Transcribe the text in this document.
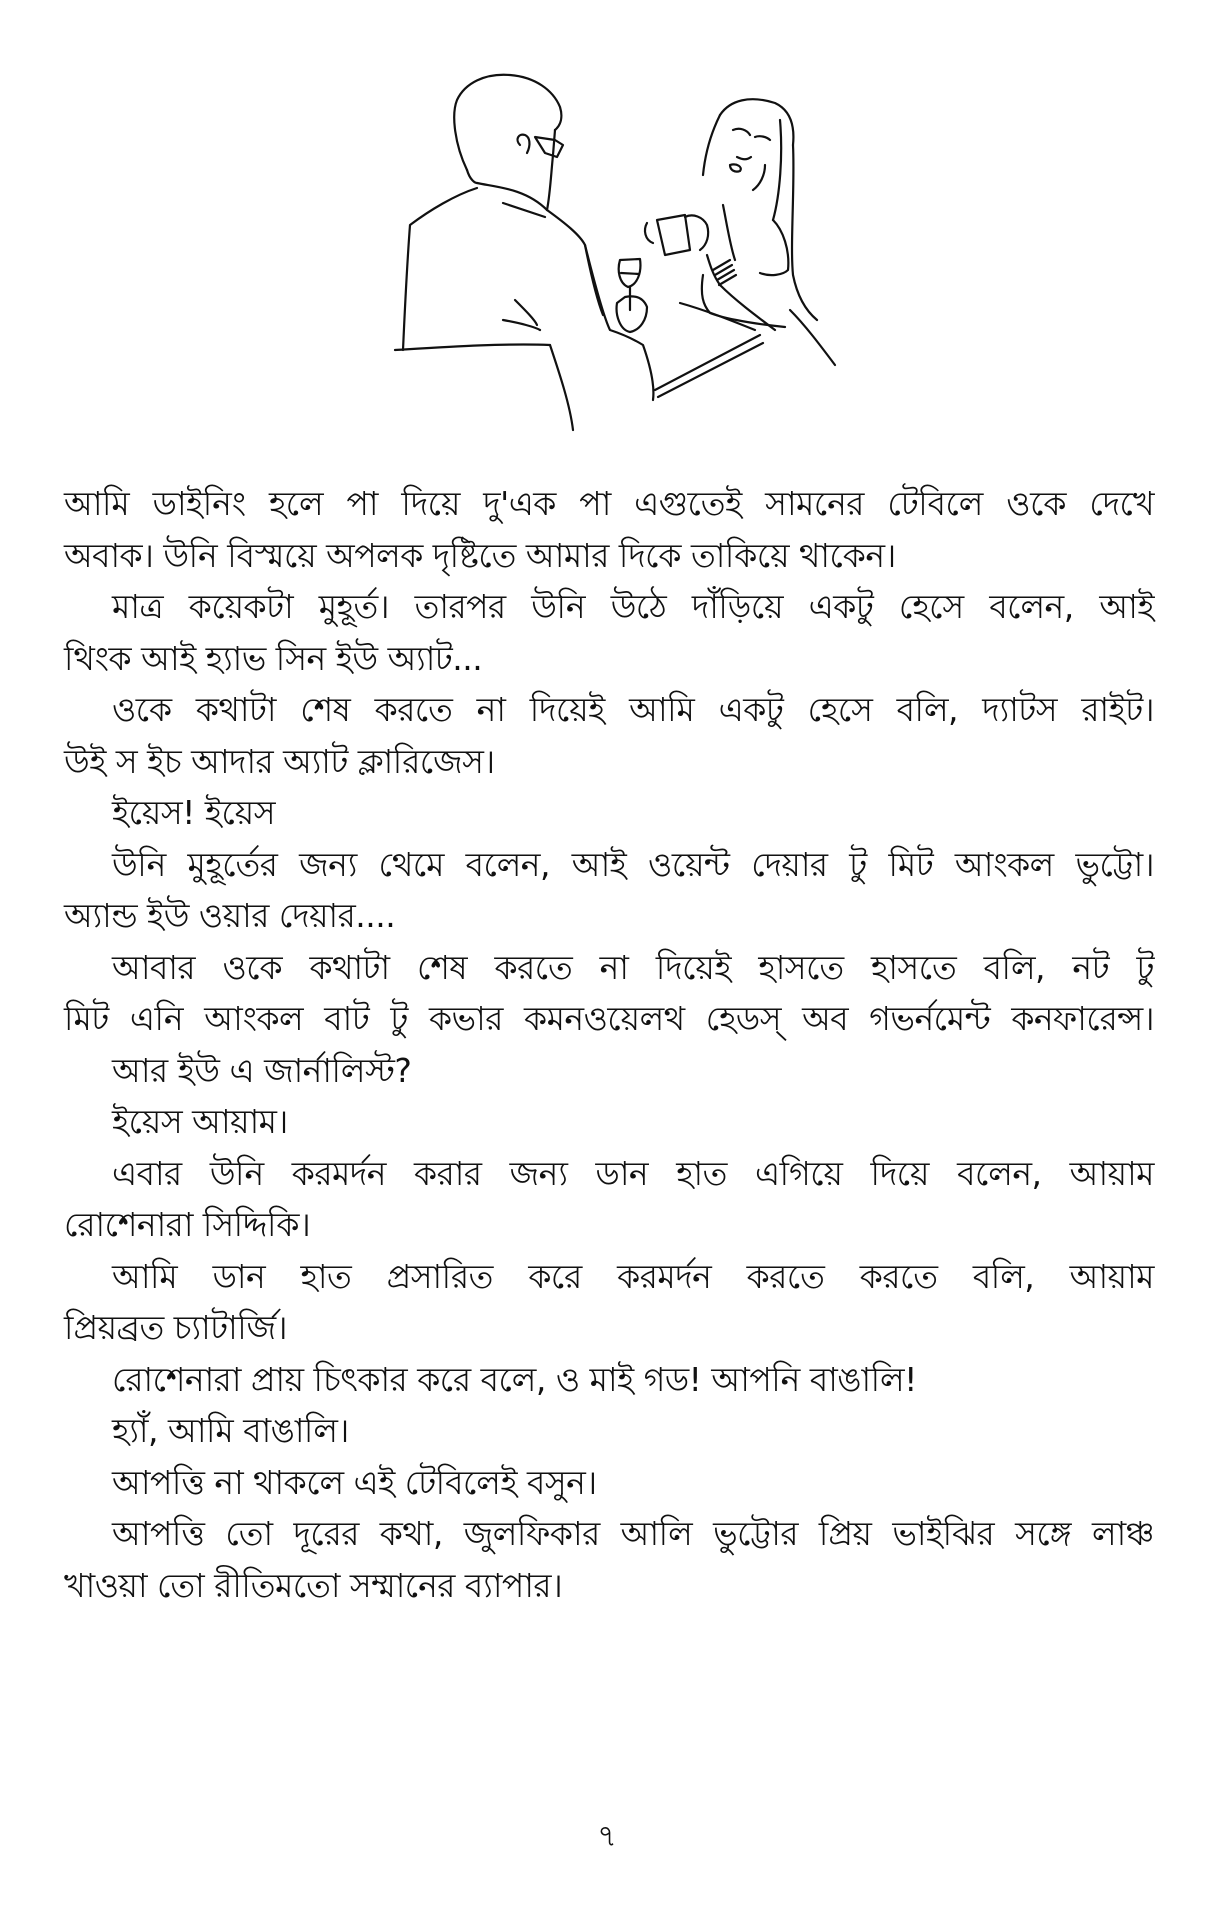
আমি ডাইনিং হলে পা দিয়ে দু'এক পা এগুতেই সামনের টেবিলে ওকে দেখে
অবাক। উনি বিস্ময়ে অপলক দৃষ্টিতে আমার দিকে তাকিয়ে থাকেন।
মাত্র কয়েকটা মুহূর্ত। তারপর উনি উঠে দাঁড়িয়ে একটু হেসে বলেন, আই
থিংক আই হ্যাভ সিন ইউ অ্যাট...
ওকে কথাটা শেষ করতে না দিয়েই আমি একটু হেসে বলি, দ্যাটস রাইট।
উই স ইচ আদার অ্যাট ক্লারিজেস।
ইয়েস! ইয়েস
উনি মুহূর্তের জন্য থেমে বলেন, আই ওয়েন্ট দেয়ার টু মিট আংকল ভুট্টো।
অ্যান্ড ইউ ওয়ার দেয়ার....
আবার ওকে কথাটা শেষ করতে না দিয়েই হাসতে হাসতে বলি, নট টু
মিট এনি আংকল বাট টু কভার কমনওয়েলথ হেডস্ অব গভর্নমেন্ট কনফারেন্স।
আর ইউ এ জার্নালিস্ট?
ইয়েস আয়াম।
এবার উনি করমর্দন করার জন্য ডান হাত এগিয়ে দিয়ে বলেন, আয়াম
রোশেনারা সিদ্দিকি।
আমি ডান হাত প্রসারিত করে করমর্দন করতে করতে বলি, আয়াম
প্রিয়ব্রত চ্যাটার্জি।
রোশেনারা প্রায় চিৎকার করে বলে, ও মাই গড! আপনি বাঙালি!
হ্যাঁ, আমি বাঙালি।
আপত্তি না থাকলে এই টেবিলেই বসুন।
আপত্তি তো দূরের কথা, জুলফিকার আলি ভুট্টোর প্রিয় ভাইঝির সঙ্গে লাঞ্চ
খাওয়া তো রীতিমতো সম্মানের ব্যাপার।
৭
